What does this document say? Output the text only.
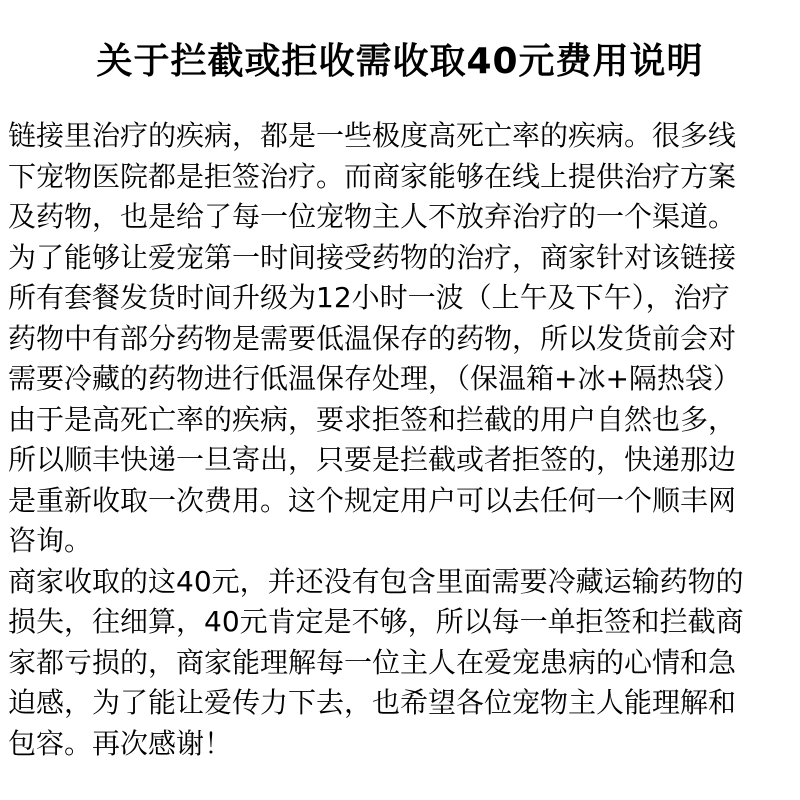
关于拦截或拒收需收取40元费用说明
链接里治疗的疾病，都是一些极度高死亡率的疾病。很多线
下宠物医院都是拒签治疗。而商家能够在线上提供治疗方案
及药物，也是给了每一位宠物主人不放弃治疗的一个渠道。
为了能够让爱宠第一时间接受药物的治疗，商家针对该链接
所有套餐发货时间升级为12小时一波（上午及下午），治疗
药物中有部分药物是需要低温保存的药物，所以发货前会对
需要冷藏的药物进行低温保存处理，（保温箱+冰+隔热袋）
由于是高死亡率的疾病，要求拒签和拦截的用户自然也多，
所以顺丰快递一旦寄出，只要是拦截或者拒签的，快递那边
是重新收取一次费用。这个规定用户可以去任何一个顺丰网
咨询。
商家收取的这40元，并还没有包含里面需要冷藏运输药物的
损失，往细算，40元肯定是不够，所以每一单拒签和拦截商
家都亏损的，商家能理解每一位主人在爱宠患病的心情和急
迫感，为了能让爱传力下去，也希望各位宠物主人能理解和
包容。再次感谢！
